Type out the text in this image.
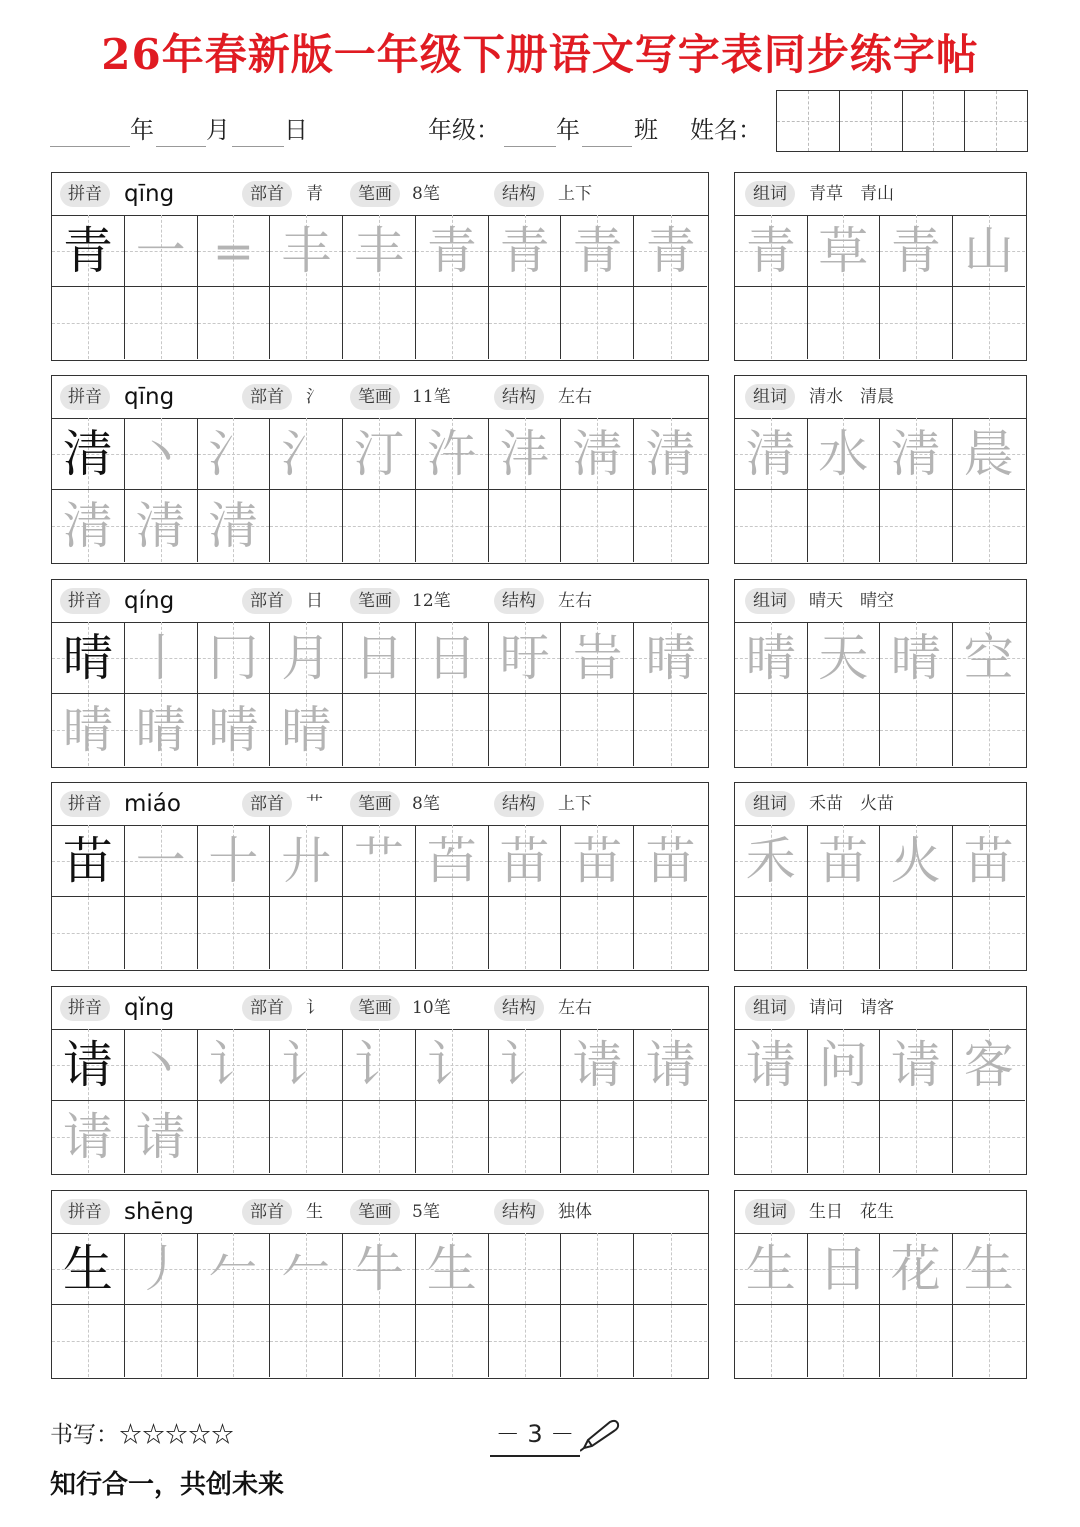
26年春新版一年级下册语文写字表同步练字帖
年 月 日	年级： 年 班 姓名：
拼音 qīng	部首	青	笔画	8笔	结构	上下
青 一 = 丰 丰 青 青 青 青
组词	青草　青山
青 草 青 山
拼音 qīng	部首	氵	笔画	11笔	结构	左右
清 丶 氵 氵 汀 汻 沣 淸 清
清 清 清
组词	清水　清晨
清 水 清 晨
拼音 qíng	部首	日	笔画	12笔	结构	左右
晴 丨 冂 月 日 日 旴 旹 晴
晴 晴 晴 晴
组词	晴天　晴空
晴 天 晴 空
拼音 miáo	部首	艹	笔画	8笔	结构	上下
苗 一 十 廾 艹 苩 苗 苗 苗
组词	禾苗　火苗
禾 苗 火 苗
拼音 qǐng	部首	讠	笔画	10笔	结构	左右
请 丶 讠 讠 讠 讠 讠 请 请
请 请
组词	请问　请客
请 问 请 客
拼音 shēng	部首	生	笔画	5笔	结构	独体
生 丿 𠂉 𠂉 牛 生
组词	生日　花生
生 日 花 生
书写：☆☆☆☆☆	－ 3 －
知行合一，共创未来
